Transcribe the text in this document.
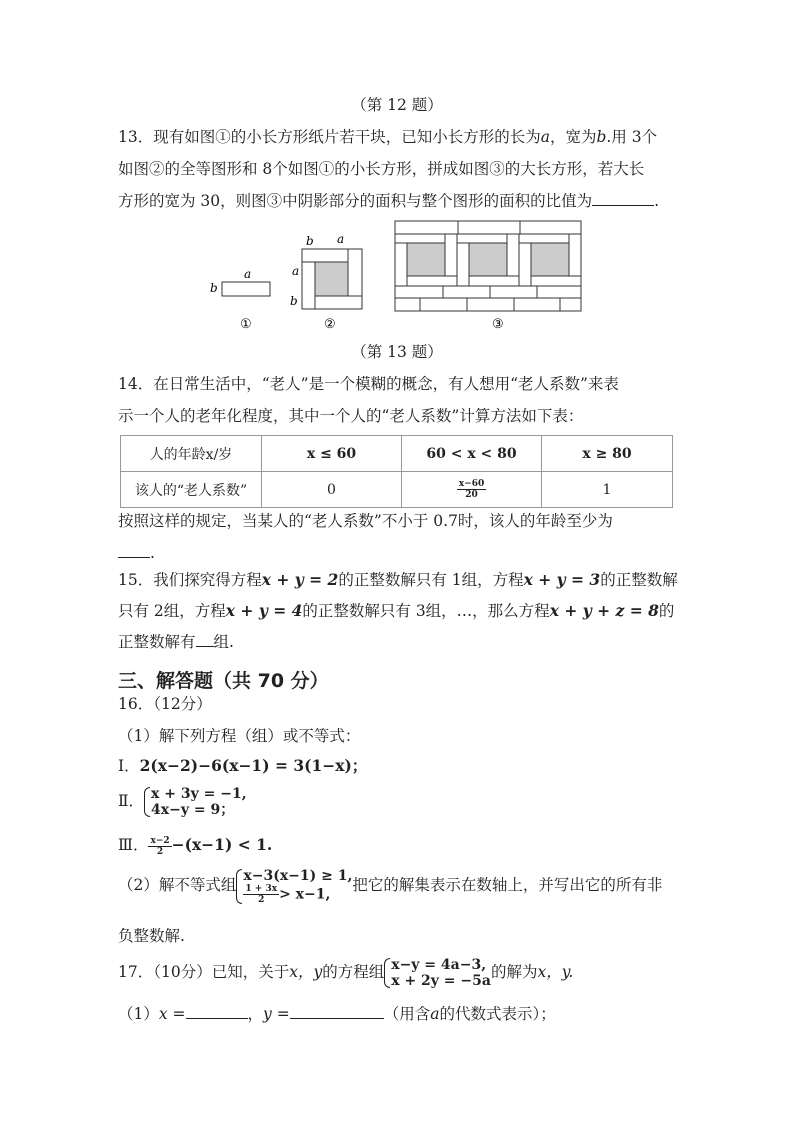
（第 12 题）
13．现有如图①的小长方形纸片若干块，已知小长方形的长为𝑎，宽为𝑏.用 3个
如图②的全等图形和 8个如图①的小长方形，拼成如图③的大长方形，若大长
方形的宽为 30，则图③中阴影部分的面积与整个图形的面积的比值为	.
a
b
①
b a
a
b
②	③
（第 13 题）
14．在日常生活中，“老人”是一个模糊的概念，有人想用“老人系数”来表
示一个人的老年化程度，其中一个人的“老人系数”计算方法如下表：
人的年龄x/岁	x ≤ 60	60 < x < 80	x ≥ 80
该人的“老人系数”	0	$\frac{x-60}{20}$	1
按照这样的规定，当某人的“老人系数”不小于 0.7时，该人的年龄至少为
.
15．我们探究得方程x + y = 2的正整数解只有 1组，方程x + y = 3的正整数解
只有 2组，方程x + y = 4的正整数解只有 3组，…，那么方程x + y + z = 8的
正整数解有 组.
三、解答题（共 70 分）
16．（12分）
（1）解下列方程（组）或不等式：
Ⅰ．2(x−2)−6(x−1) = 3(1−x)；
Ⅱ． x + 3y = −1,
4x−y = 9；
Ⅲ． $\frac{x-2}{2} -(x-1) < 1$.
（2）解不等式组
x−3(x−1) ≥ 1,
$\frac{1 + 3x}{2} > x-1$,	把它的解集表示在数轴上，并写出它的所有非
负整数解.
17．（10分）已知，关于x，y的方程组 x−y = 4a−3,
x + 2y = −5a 的解为x，y.
（1）x =	，y =	（用含a的代数式表示）；
